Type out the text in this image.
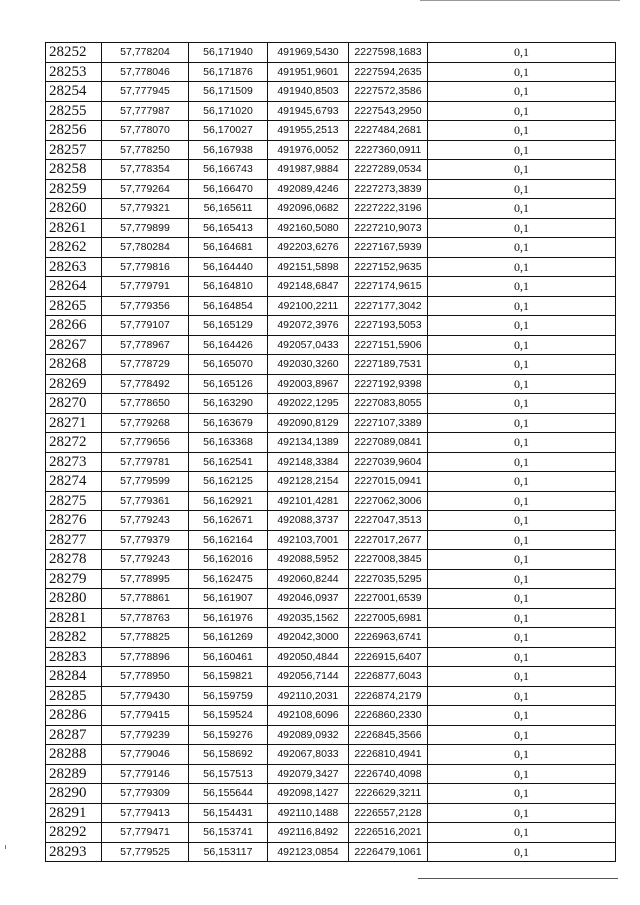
28252	57,778204	56,171940	491969,5430	2227598,1683	0,1
28253	57,778046	56,171876	491951,9601	2227594,2635	0,1
28254	57,777945	56,171509	491940,8503	2227572,3586	0,1
28255	57,777987	56,171020	491945,6793	2227543,2950	0,1
28256	57,778070	56,170027	491955,2513	2227484,2681	0,1
28257	57,778250	56,167938	491976,0052	2227360,0911	0,1
28258	57,778354	56,166743	491987,9884	2227289,0534	0,1
28259	57,779264	56,166470	492089,4246	2227273,3839	0,1
28260	57,779321	56,165611	492096,0682	2227222,3196	0,1
28261	57,779899	56,165413	492160,5080	2227210,9073	0,1
28262	57,780284	56,164681	492203,6276	2227167,5939	0,1
28263	57,779816	56,164440	492151,5898	2227152,9635	0,1
28264	57,779791	56,164810	492148,6847	2227174,9615	0,1
28265	57,779356	56,164854	492100,2211	2227177,3042	0,1
28266	57,779107	56,165129	492072,3976	2227193,5053	0,1
28267	57,778967	56,164426	492057,0433	2227151,5906	0,1
28268	57,778729	56,165070	492030,3260	2227189,7531	0,1
28269	57,778492	56,165126	492003,8967	2227192,9398	0,1
28270	57,778650	56,163290	492022,1295	2227083,8055	0,1
28271	57,779268	56,163679	492090,8129	2227107,3389	0,1
28272	57,779656	56,163368	492134,1389	2227089,0841	0,1
28273	57,779781	56,162541	492148,3384	2227039,9604	0,1
28274	57,779599	56,162125	492128,2154	2227015,0941	0,1
28275	57,779361	56,162921	492101,4281	2227062,3006	0,1
28276	57,779243	56,162671	492088,3737	2227047,3513	0,1
28277	57,779379	56,162164	492103,7001	2227017,2677	0,1
28278	57,779243	56,162016	492088,5952	2227008,3845	0,1
28279	57,778995	56,162475	492060,8244	2227035,5295	0,1
28280	57,778861	56,161907	492046,0937	2227001,6539	0,1
28281	57,778763	56,161976	492035,1562	2227005,6981	0,1
28282	57,778825	56,161269	492042,3000	2226963,6741	0,1
28283	57,778896	56,160461	492050,4844	2226915,6407	0,1
28284	57,778950	56,159821	492056,7144	2226877,6043	0,1
28285	57,779430	56,159759	492110,2031	2226874,2179	0,1
28286	57,779415	56,159524	492108,6096	2226860,2330	0,1
28287	57,779239	56,159276	492089,0932	2226845,3566	0,1
28288	57,779046	56,158692	492067,8033	2226810,4941	0,1
28289	57,779146	56,157513	492079,3427	2226740,4098	0,1
28290	57,779309	56,155644	492098,1427	2226629,3211	0,1
28291	57,779413	56,154431	492110,1488	2226557,2128	0,1
28292	57,779471	56,153741	492116,8492	2226516,2021	0,1
28293	57,779525	56,153117	492123,0854	2226479,1061	0,1
